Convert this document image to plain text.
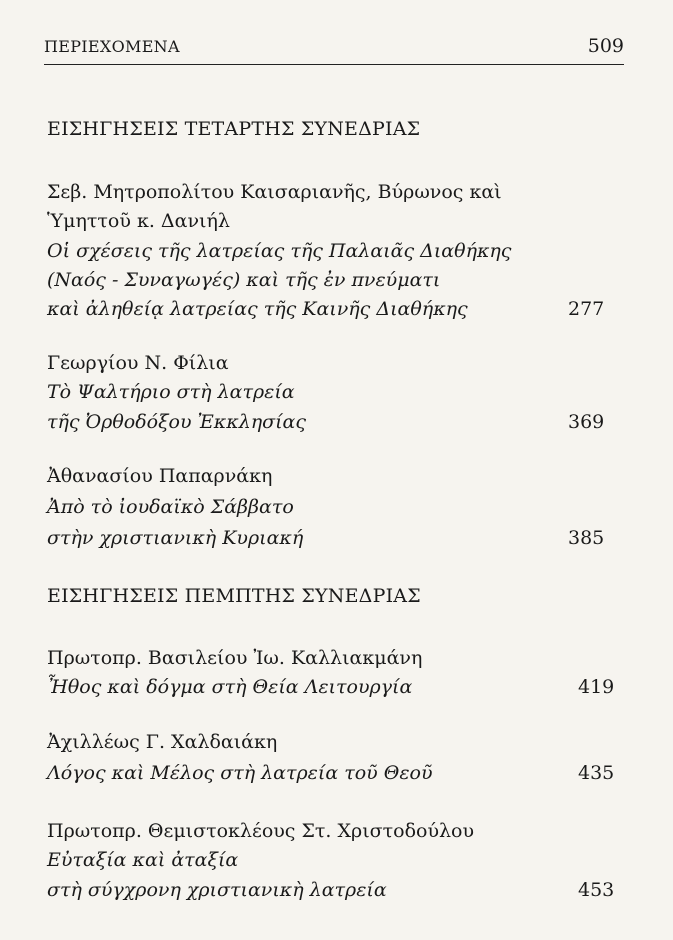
ΠΕΡΙΕΧΟΜΕΝΑ	509
ΕΙΣΗΓΗΣΕΙΣ ΤΕΤΑΡΤΗΣ ΣΥΝΕΔΡΙΑΣ
Σεβ. Μητροπολίτου Καισαριανῆς, Βύρωνος καὶ
Ὑμηττοῦ κ. Δανιήλ
Οἱ σχέσεις τῆς λατρείας τῆς Παλαιᾶς Διαθήκης
(Ναός - Συναγωγές) καὶ τῆς ἐν πνεύματι
καὶ ἀληθείᾳ λατρείας τῆς Καινῆς Διαθήκης	277
Γεωργίου Ν. Φίλια
Τὸ Ψαλτήριο στὴ λατρεία
τῆς Ὀρθοδόξου Ἐκκλησίας	369
Ἀθανασίου Παπαρνάκη
Ἀπὸ τὸ ἰουδαϊκὸ Σάββατο
στὴν χριστιανικὴ Κυριακή	385
ΕΙΣΗΓΗΣΕΙΣ ΠΕΜΠΤΗΣ ΣΥΝΕΔΡΙΑΣ
Πρωτοπρ. Βασιλείου Ἰω. Καλλιακμάνη
Ἦθος καὶ δόγμα στὴ Θεία Λειτουργία	419
Ἀχιλλέως Γ. Χαλδαιάκη
Λόγος καὶ Μέλος στὴ λατρεία τοῦ Θεοῦ	435
Πρωτοπρ. Θεμιστοκλέους Στ. Χριστοδούλου
Εὐταξία καὶ ἀταξία
στὴ σύγχρονη χριστιανικὴ λατρεία	453
